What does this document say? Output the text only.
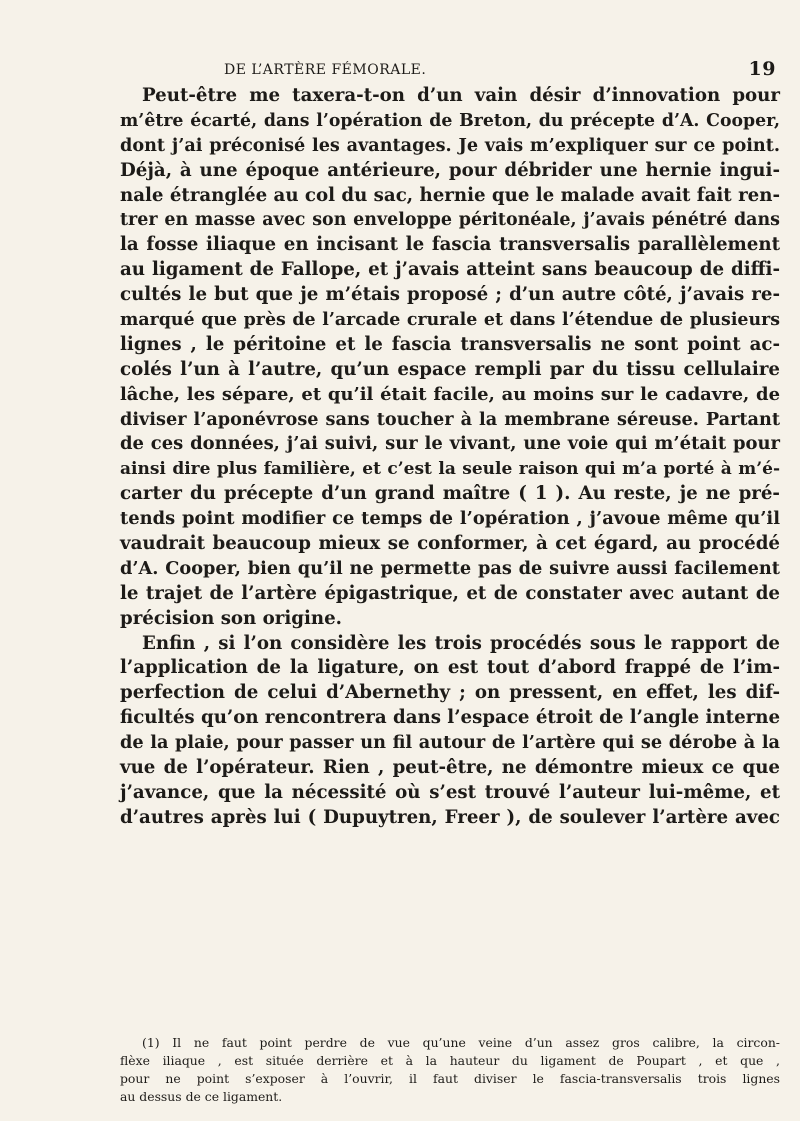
DE L’ARTÈRE FÉMORALE.	19
Peut-être me taxera-t-on d’un vain désir d’innovation pour
m’être écarté, dans l’opération de Breton, du précepte d’A. Cooper,
dont j’ai préconisé les avantages. Je vais m’expliquer sur ce point.
Déjà, à une époque antérieure, pour débrider une hernie ingui-
nale étranglée au col du sac, hernie que le malade avait fait ren-
trer en masse avec son enveloppe péritonéale, j’avais pénétré dans
la fosse iliaque en incisant le fascia transversalis parallèlement
au ligament de Fallope, et j’avais atteint sans beaucoup de diffi-
cultés le but que je m’étais proposé ; d’un autre côté, j’avais re-
marqué que près de l’arcade crurale et dans l’étendue de plusieurs
lignes , le péritoine et le fascia transversalis ne sont point ac-
colés l’un à l’autre, qu’un espace rempli par du tissu cellulaire
lâche, les sépare, et qu’il était facile, au moins sur le cadavre, de
diviser l’aponévrose sans toucher à la membrane séreuse. Partant
de ces données, j’ai suivi, sur le vivant, une voie qui m’était pour
ainsi dire plus familière, et c’est la seule raison qui m’a porté à m’é-
carter du précepte d’un grand maître ( 1 ). Au reste, je ne pré-
tends point modifier ce temps de l’opération , j’avoue même qu’il
vaudrait beaucoup mieux se conformer, à cet égard, au procédé
d’A. Cooper, bien qu’il ne permette pas de suivre aussi facilement
le trajet de l’artère épigastrique, et de constater avec autant de
précision son origine.
Enfin , si l’on considère les trois procédés sous le rapport de
l’application de la ligature, on est tout d’abord frappé de l’im-
perfection de celui d’Abernethy ; on pressent, en effet, les dif-
ficultés qu’on rencontrera dans l’espace étroit de l’angle interne
de la plaie, pour passer un fil autour de l’artère qui se dérobe à la
vue de l’opérateur. Rien , peut-être, ne démontre mieux ce que
j’avance, que la nécessité où s’est trouvé l’auteur lui-même, et
d’autres après lui ( Dupuytren, Freer ), de soulever l’artère avec
(1) Il ne faut point perdre de vue qu’une veine d’un assez gros calibre, la circon-
flèxe iliaque , est située derrière et à la hauteur du ligament de Poupart , et que ,
pour ne point s’exposer à l’ouvrir, il faut diviser le fascia-transversalis trois lignes
au dessus de ce ligament.
